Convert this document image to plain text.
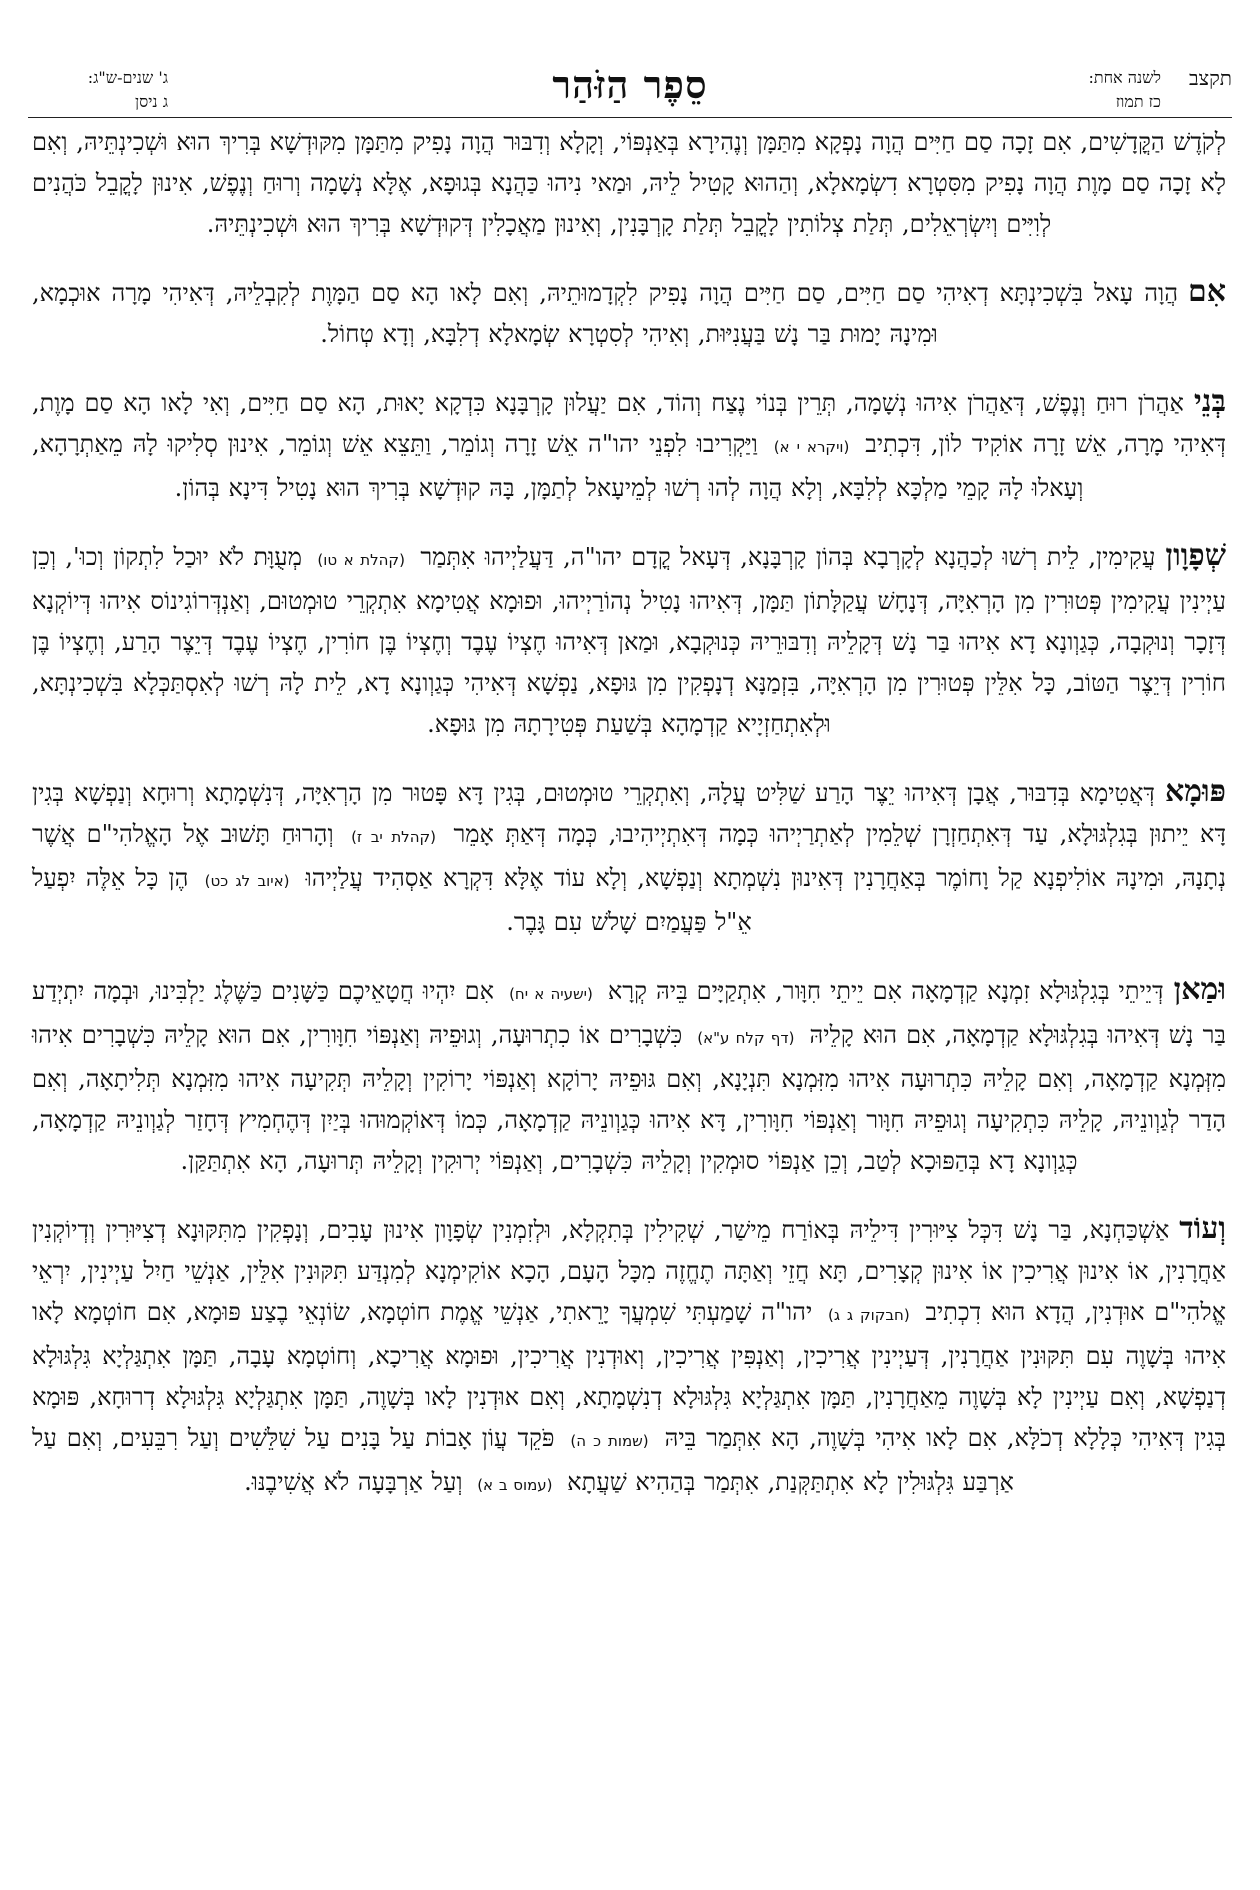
תקצב
לשנה אחת:
כז תמוז
סֵפֶר הַזֹּהַר
ג' שנים-ש"ג:
ג ניסן

לְקֹדֶשׁ הַקֳּדָשִׁים, אִם זָכָה סַם חַיִּים הֲוָה נָפְקָא מִתַּמָּן וְנֶהִירָא בְּאַנְפּוֹי, וְקָלָא וְדִבּוּר הֲוָה נָפִיק מִתַּמָּן מִקּוּדְשָׁא בְּרִיךְ הוּא וּשְׁכִינְתֵּיהּ, וְאִם לָא זָכָה סַם מָוֶת הֲוָה נָפִיק מִסִּטְרָא דִשְׂמָאלָא, וְהַהוּא קָטִיל לֵיהּ, וּמַאי נִיהוּ כַּהֲנָא בְּגוּפָא, אֶלָּא נְשָׁמָה וְרוּחַ וְנֶפֶשׁ, אִינוּן לָקֳבֵל כֹּהֲנִים לְוִיִּים וְיִשְׂרְאֵלִים, תְּלַת צְלוֹתִין לָקֳבֵל תְּלַת קָרְבָּנִין, וְאִינוּן מַאֲכָלִין דְּקוּדְשָׁא בְּרִיךְ הוּא וּשְׁכִינְתֵּיהּ.

אִםהֲוָה עָאל בִּשְׁכִינְתָּא דְאִיהִי סַם חַיִּים, סַם חַיִּים הֲוָה נָפִיק לִקְדָמוּתֵיהּ, וְאִם לָאו הָא סַם הַמָּוֶת לְקִבְלֵיהּ, דְּאִיהִי מָרָה אוּכְמָא, וּמִינָהּ יָמוּת בַּר נָשׁ בַּעֲנִיּוּת, וְאִיהִי לְסִטְרָא שְׂמָאלָא דְלִבָּא, וְדָא טְחוֹל.

בְּנֵיאַהֲרֹן רוּחַ וְנֶפֶשׁ, דְּאַהֲרֹן אִיהוּ נְשָׁמָה, תְּרֵין בְּנוֹי נֶצַח וְהוֹד, אִם יַעֲלוּן קָרְבָּנָא כִּדְקָא יָאוּת, הָא סַם חַיִּים, וְאִי לָאו הָא סַם מָוֶת, דְּאִיהִי מָרָה, אֵשׁ זָרָה אוֹקִיד לוֹן, דִּכְתִיב (ויקרא י א) וַיַּקְרִיבוּ לִפְנֵי יהו"ה אֵשׁ זָרָה וְגוֹמֵר, וַתֵּצֵא אֵשׁ וְגוֹמֵר, אִינוּן סְלִיקוּ לָהּ מֵאַתְרָהָא, וְעָאלוּ לָהּ קָמֵי מַלְכָּא לְלִבָּא, וְלָא הֲוָה לְהוּ רְשׁוּ לְמֵיעָאל לְתַמָּן, בָּהּ קוּדְשָׁא בְּרִיךְ הוּא נָטִיל דִּינָא בְּהוֹן.

שְׁפָוָוןעֲקִימִין, לֵית רְשׁוּ לְכַהֲנָא לְקָרְבָא בְּהוֹן קָרְבָּנָא, דְּעָאל קֳדָם יהו"ה, דַּעֲלַיְיהוּ אִתְּמַר (קהלת א טו) מְעֻוָּת לֹא יוּכַל לִתְקוֹן וְכוּ', וְכֵן עַיְינִין עֲקִימִין פְּטוּרִין מִן הָרְאִיָּה, דְּנָחָשׁ עֲקַלָּתוֹן תַּמָּן, דְּאִיהוּ נָטִיל נְהוֹרַיְיהוּ, וּפוּמָא אֲטִימָא אִתְקְרֵי טוּמְטוּם, וְאַנְדְּרוֹגִינוֹס אִיהוּ דְּיוֹקְנָא דְּזָכָר וְנוּקְבָה, כְּגַוְונָא דָא אִיהוּ בַּר נָשׁ דְּקָלֵיהּ וְדִבּוּרֵיהּ כְּנוּקְבָא, וּמַאן דְּאִיהוּ חֶצְיוֹ עֶבֶד וְחֶצְיוֹ בֶּן חוֹרִין, חֶצְיוֹ עֶבֶד דְּיֵצֶר הָרַע, וְחֶצְיוֹ בֶּן חוֹרִין דְּיֵצֶר הַטּוֹב, כָּל אִלֵּין פְּטוּרִין מִן הָרְאִיָּה, בִּזְמַנָּא דְנָפְקִין מִן גּוּפָא, נַפְשָׁא דְּאִיהִי כְּגַוְונָא דָא, לֵית לָהּ רְשׁוּ לְאִסְתַּכְּלָא בִּשְׁכִינְתָּא, וּלְאִתְחַזְיָיא קַדְמָהָא בְּשַׁעַת פְּטִירָתָהּ מִן גּוּפָא.

פּוּמָאדְּאֲטִימָא בְּדִבּוּר, אֲבָן דְּאִיהוּ יֵצֶר הָרַע שַׁלִּיט עֲלָהּ, וְאִתְקְרֵי טוּמְטוּם, בְּגִין דָּא פָּטוּר מִן הָרְאִיָּה, דְּנִשְׁמָתָא וְרוּחָא וְנַפְשָׁא בְּגִין דָּא יֵיתוּן בְּגִלְגּוּלָא, עַד דְּאִתְחַזְרָן שְׁלֵמִין לְאַתְרַיְיהוּ כְּמָה דְּאִתְיְיהִיבוּ, כְּמָה דְּאַתְּ אָמֵר (קהלת יב ז) וְהָרוּחַ תָּשׁוּב אֶל הָאֱלהִי"ם אֲשֶׁר נְתָנָהּ, וּמִינָהּ אוֹלִיפְנָא קַל וָחוֹמֶר בְּאַחֲרָנִין דְּאִינוּן נִשְׁמְתָא וְנַפְשָׁא, וְלָא עוֹד אֶלָּא דִּקְרָא אַסְהִיד עֲלַיְיהוּ (איוב לג כט) הֶן כָּל אֵלֶּה יִפְעַל אֵ"ל פַּעֲמַיִם שָׁלשׁ עִם גָּבֶר.

וּמַאןדְּיֵיתֵי בְּגִלְגּוּלָא זִמְנָא קַדְמָאָה אִם יֵיתֵי חִוָּור, אִתְקַיָּים בֵּיהּ קְרָא (ישעיה א יח) אִם יִהְיוּ חֲטָאֵיכֶם כַּשָּׁנִים כַּשֶּׁלֶג יַלְבִּינוּ, וּבְמָה יִתְיְדַע בַּר נָשׁ דְּאִיהוּ בְּגִלְגּוּלָא קַדְמָאָה, אִם הוּא קָלֵיהּ (דף קלח ע"א) כִּשְׁבָרִים אוֹ כִתְרוּעָה, וְגוּפֵיהּ וְאַנְפּוֹי חִוָּורִין, אִם הוּא קָלֵיהּ כִּשְׁבָרִים אִיהוּ מִזְּמְנָא קַדְמָאָה, וְאִם קָלֵיהּ כִּתְרוּעָה אִיהוּ מִזִּמְנָא תִּנְיָנָא, וְאִם גּוּפֵיהּ יָרוֹקָא וְאַנְפּוֹי יָרוֹקִין וְקָלֵיהּ תְּקִיעָה אִיהוּ מִזִּמְנָא תְּלִיתָאָה, וְאִם הָדַר לְגַוְונֵיהּ, קָלֵיהּ כִּתְקִיעָה וְגוּפֵיהּ חִוָּור וְאַנְפּוֹי חִוָּורִין, דָּא אִיהוּ כְּגַוְונֵיהּ קַדְמָאָה, כְּמוֹ דְּאוֹקְמוּהוּ בְּיַיִן דְּהֶחְמִיץ דְּחָזַר לְגַוְונֵיהּ קַדְמָאָה, כְּגַוְונָא דָא בְּהַפּוּכָא לְטַב, וְכֵן אַנְפּוֹי סוּמְקִין וְקָלֵיהּ כִּשְׁבָרִים, וְאַנְפּוֹי יְרוּקִין וְקָלֵיהּ תְּרוּעָה, הָא אִתְתַּקַּן.

וְעוֹדאַשְׁכַּחְנָא, בַּר נָשׁ דִּכְּל צִיּוּרִין דִּילֵיהּ בְּאוֹרַח מֵישַׁר, שְׁקִילִין בְּתִקְלָא, וּלְזִמְנִין שְׂפָוָון אִינוּן עָבִים, וְנָפְקִין מִתִּקּוּנָא דְצִיּוּרִין וְדְיוֹקְנִין אַחֲרָנִין, אוֹ אִינוּן אֲרִיכִין אוֹ אִינוּן קְצָרִים, תָּא חֲזֵי וְאַתָּה תֶחֱזֶה מִכָּל הָעָם, הָכָא אוֹקִימְנָא לְמִנְדַּע תִּקּוּנִין אִלֵּין, אַנְשֵׁי חַיִל עַיְינִין, יִרְאֵי אֱלהִי"ם אוּדְנִין, הֲדָא הוּא דִכְתִיב (חבקוק ג ג) יהו"ה שָׁמַעְתִּי שִׁמְעֲךָ יָרֵאתִי, אַנְשֵׁי אֱמֶת חוֹטְמָא, שׂוֹנְאֵי בֶצַע פּוּמָא, אִם חוֹטְמָא לָאו אִיהוּ בְּשָׁוֶה עִם תִּקּוּנִין אַחֲרָנִין, דְּעַיְינִין אֲרִיכִין, וְאַנְפִּין אֲרִיכִין, וְאוּדְנִין אֲרִיכִין, וּפוּמָא אֲרִיכָא, וְחוֹטְמָא עָבָה, תַּמָּן אִתְגַּלְיָא גִּלְגּוּלָא דְנַפְשָׁא, וְאִם עַיְינִין לָא בְּשָׁוֶה מֵאַחֲרָנִין, תַּמָּן אִתְגַּלְיָא גִּלְגּוּלָא דְנִשְׁמָתָא, וְאִם אוּדְנִין לָאו בְּשָׁוֶה, תַּמָּן אִתְגַּלְיָא גִּלְגּוּלָא דְרוּחָא, פּוּמָא בְּגִין דְּאִיהִי כְּלָלָא דְכֹלָּא, אִם לָאו אִיהִי בְּשָׁוֶה, הָא אִתְּמַר בֵּיהּ (שמות כ ה) פֹּקֵד עֲוֹן אָבוֹת עַל בָּנִים עַל שִׁלֵּשִׁים וְעַל רִבֵּעִים, וְאִם עַל אַרְבַּע גִּלְגּוּלִין לָא אִתְתַּקְּנַת, אִתְּמַר בְּהַהִיא שַׁעֲתָא (עמוס ב א) וְעַל אַרְבָּעָה לֹא אֲשִׁיבֶנּוּ.
